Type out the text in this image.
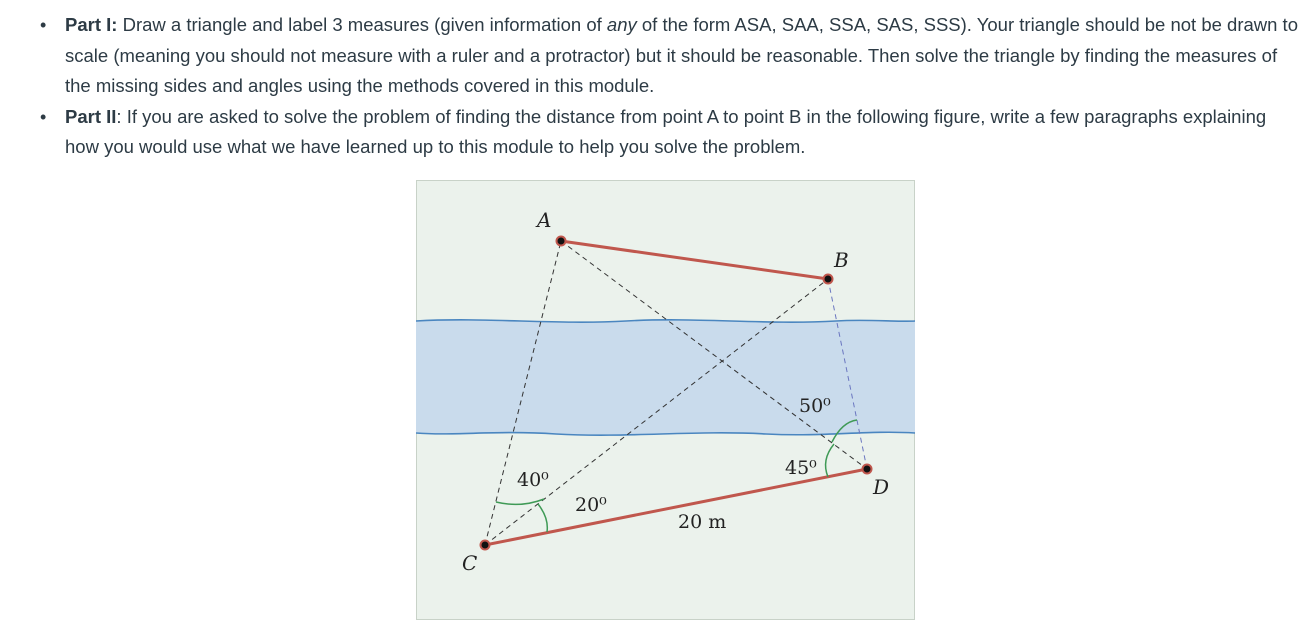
• Part I: Draw a triangle and label 3 measures (given information of any of the form ASA, SAA, SSA, SAS, SSS). Your triangle should be not be drawn to scale (meaning you should not measure with a ruler and a protractor) but it should be reasonable. Then solve the triangle by finding the measures of the missing sides and angles using the methods covered in this module.
• Part II: If you are asked to solve the problem of finding the distance from point A to point B in the following figure, write a few paragraphs explaining how you would use what we have learned up to this module to help you solve the problem.
A
B
C
D
40⁰
20⁰
50⁰
45⁰
20 m
